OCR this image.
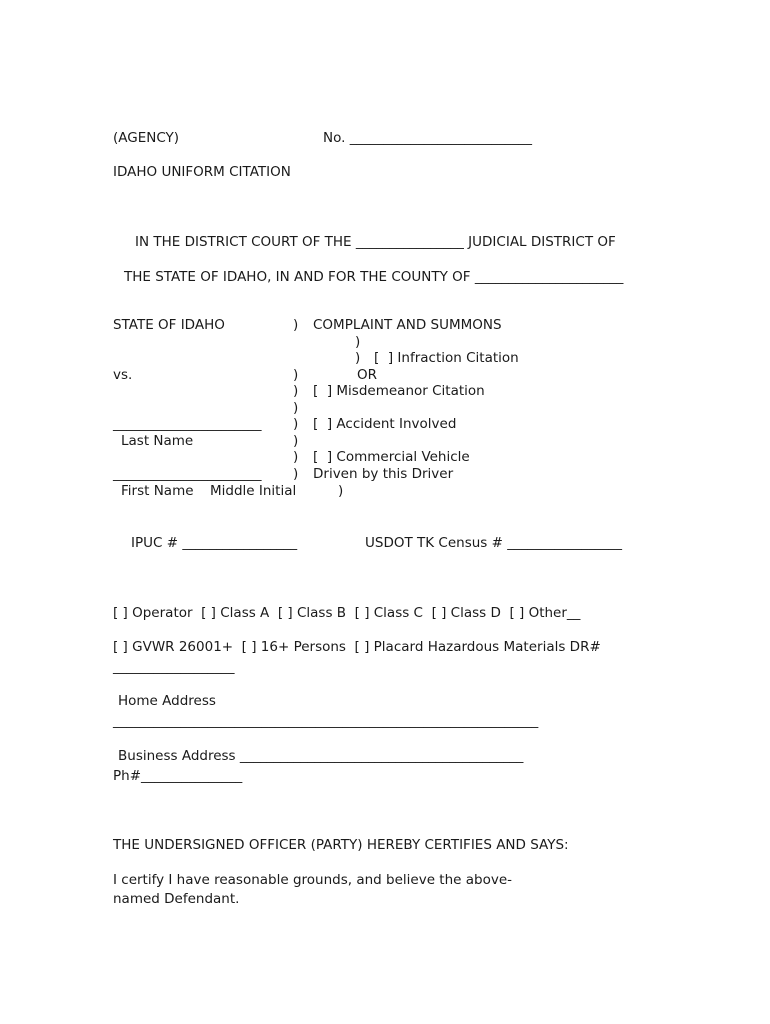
(AGENCY)	No. ___________________________
IDAHO UNIFORM CITATION
IN THE DISTRICT COURT OF THE ________________ JUDICIAL DISTRICT OF
THE STATE OF IDAHO, IN AND FOR THE COUNTY OF ______________________
STATE OF IDAHO
vs.
______________________
Last Name
______________________
First Name Middle Initial
)
)
)
)
)
)
)
)
)
)
)
COMPLAINT AND SUMMONS
[  ] Infraction Citation
OR
[  ] Misdemeanor Citation
[  ] Accident Involved
[  ] Commercial Vehicle
Driven by this Driver
IPUC # _________________	USDOT TK Census # _________________
[ ] Operator  [ ] Class A  [ ] Class B  [ ] Class C  [ ] Class D  [ ] Other__
[ ] GVWR 26001+  [ ] 16+ Persons  [ ] Placard Hazardous Materials DR#
__________________
Home Address
_______________________________________________________________
Business Address __________________________________________
Ph#_______________
THE UNDERSIGNED OFFICER (PARTY) HEREBY CERTIFIES AND SAYS:
I certify I have reasonable grounds, and believe the above-
named Defendant.
